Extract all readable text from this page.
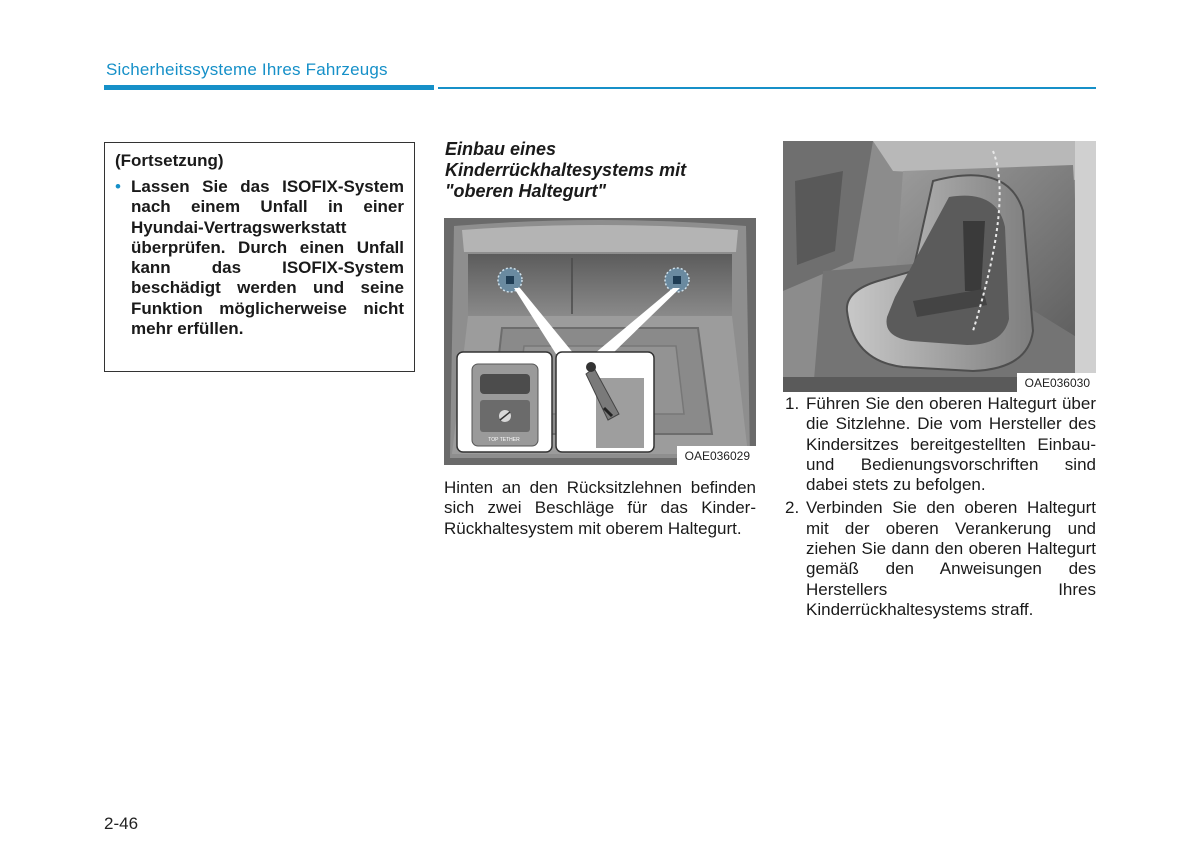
Sicherheitssysteme Ihres Fahrzeugs

(Fortsetzung)

• Lassen Sie das ISOFIX-System nach einem Unfall in einer Hyundai-Vertragswerkstatt überprüfen. Durch einen Unfall kann das ISOFIX-System beschädigt werden und seine Funktion möglicherweise nicht mehr erfüllen.

Einbau eines Kinderrückhaltesystems mit "oberen Haltegurt"

TOP TETHER
OAE036029

Hinten an den Rücksitzlehnen befinden sich zwei Beschläge für das Kinder-Rückhaltesystem mit oberem Haltegurt.

OAE036030
1. Führen Sie den oberen Haltegurt über die Sitzlehne. Die vom Hersteller des Kindersitzes bereitgestellten Einbau- und Bedienungsvorschriften sind dabei stets zu befolgen.

2. Verbinden Sie den oberen Haltegurt mit der oberen Verankerung und ziehen Sie dann den oberen Haltegurt gemäß den Anweisungen des Herstellers Ihres Kinderrückhaltesystems straff.

2-46
